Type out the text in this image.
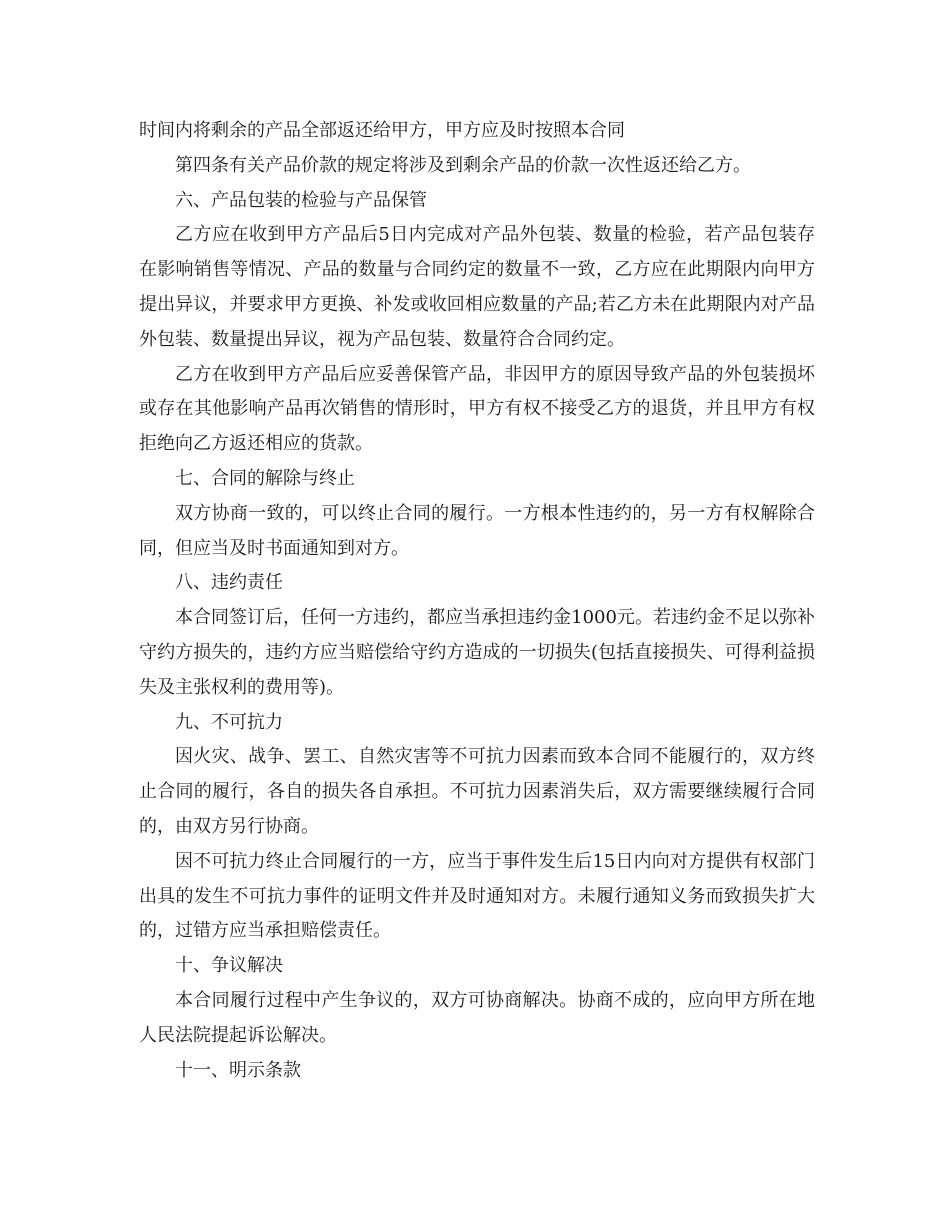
时间内将剩余的产品全部返还给甲方，甲方应及时按照本合同

第四条有关产品价款的规定将涉及到剩余产品的价款一次性返还给乙方。

六、产品包装的检验与产品保管

乙方应在收到甲方产品后5日内完成对产品外包装、数量的检验，若产品包装存在影响销售等情况、产品的数量与合同约定的数量不一致，乙方应在此期限内向甲方提出异议，并要求甲方更换、补发或收回相应数量的产品;若乙方未在此期限内对产品外包装、数量提出异议，视为产品包装、数量符合合同约定。

乙方在收到甲方产品后应妥善保管产品，非因甲方的原因导致产品的外包装损坏或存在其他影响产品再次销售的情形时，甲方有权不接受乙方的退货，并且甲方有权拒绝向乙方返还相应的货款。

七、合同的解除与终止

双方协商一致的，可以终止合同的履行。一方根本性违约的，另一方有权解除合同，但应当及时书面通知到对方。

八、违约责任

本合同签订后，任何一方违约，都应当承担违约金1000元。若违约金不足以弥补守约方损失的，违约方应当赔偿给守约方造成的一切损失(包括直接损失、可得利益损失及主张权利的费用等)。

九、不可抗力

因火灾、战争、罢工、自然灾害等不可抗力因素而致本合同不能履行的，双方终止合同的履行，各自的损失各自承担。不可抗力因素消失后，双方需要继续履行合同的，由双方另行协商。

因不可抗力终止合同履行的一方，应当于事件发生后15日内向对方提供有权部门出具的发生不可抗力事件的证明文件并及时通知对方。未履行通知义务而致损失扩大的，过错方应当承担赔偿责任。

十、争议解决

本合同履行过程中产生争议的，双方可协商解决。协商不成的，应向甲方所在地人民法院提起诉讼解决。

十一、明示条款
